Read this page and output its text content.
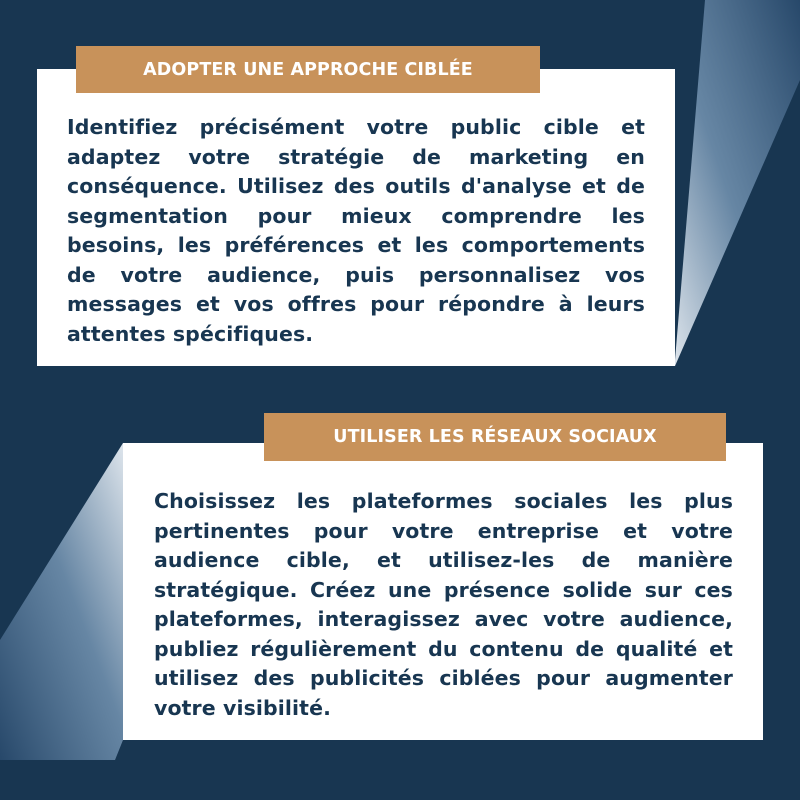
Identifiez précisément votre public cible et adaptez votre stratégie de marketing en conséquence. Utilisez des outils d'analyse et de segmentation pour mieux comprendre les besoins, les préférences et les comportements de votre audience, puis personnalisez vos messages et vos offres pour répondre à leurs attentes spécifiques.

ADOPTER UNE APPROCHE CIBLÉE

Choisissez les plateformes sociales les plus pertinentes pour votre entreprise et votre audience cible, et utilisez-les de manière stratégique. Créez une présence solide sur ces plateformes, interagissez avec votre audience, publiez régulièrement du contenu de qualité et utilisez des publicités ciblées pour augmenter votre visibilité.

UTILISER LES RÉSEAUX SOCIAUX
